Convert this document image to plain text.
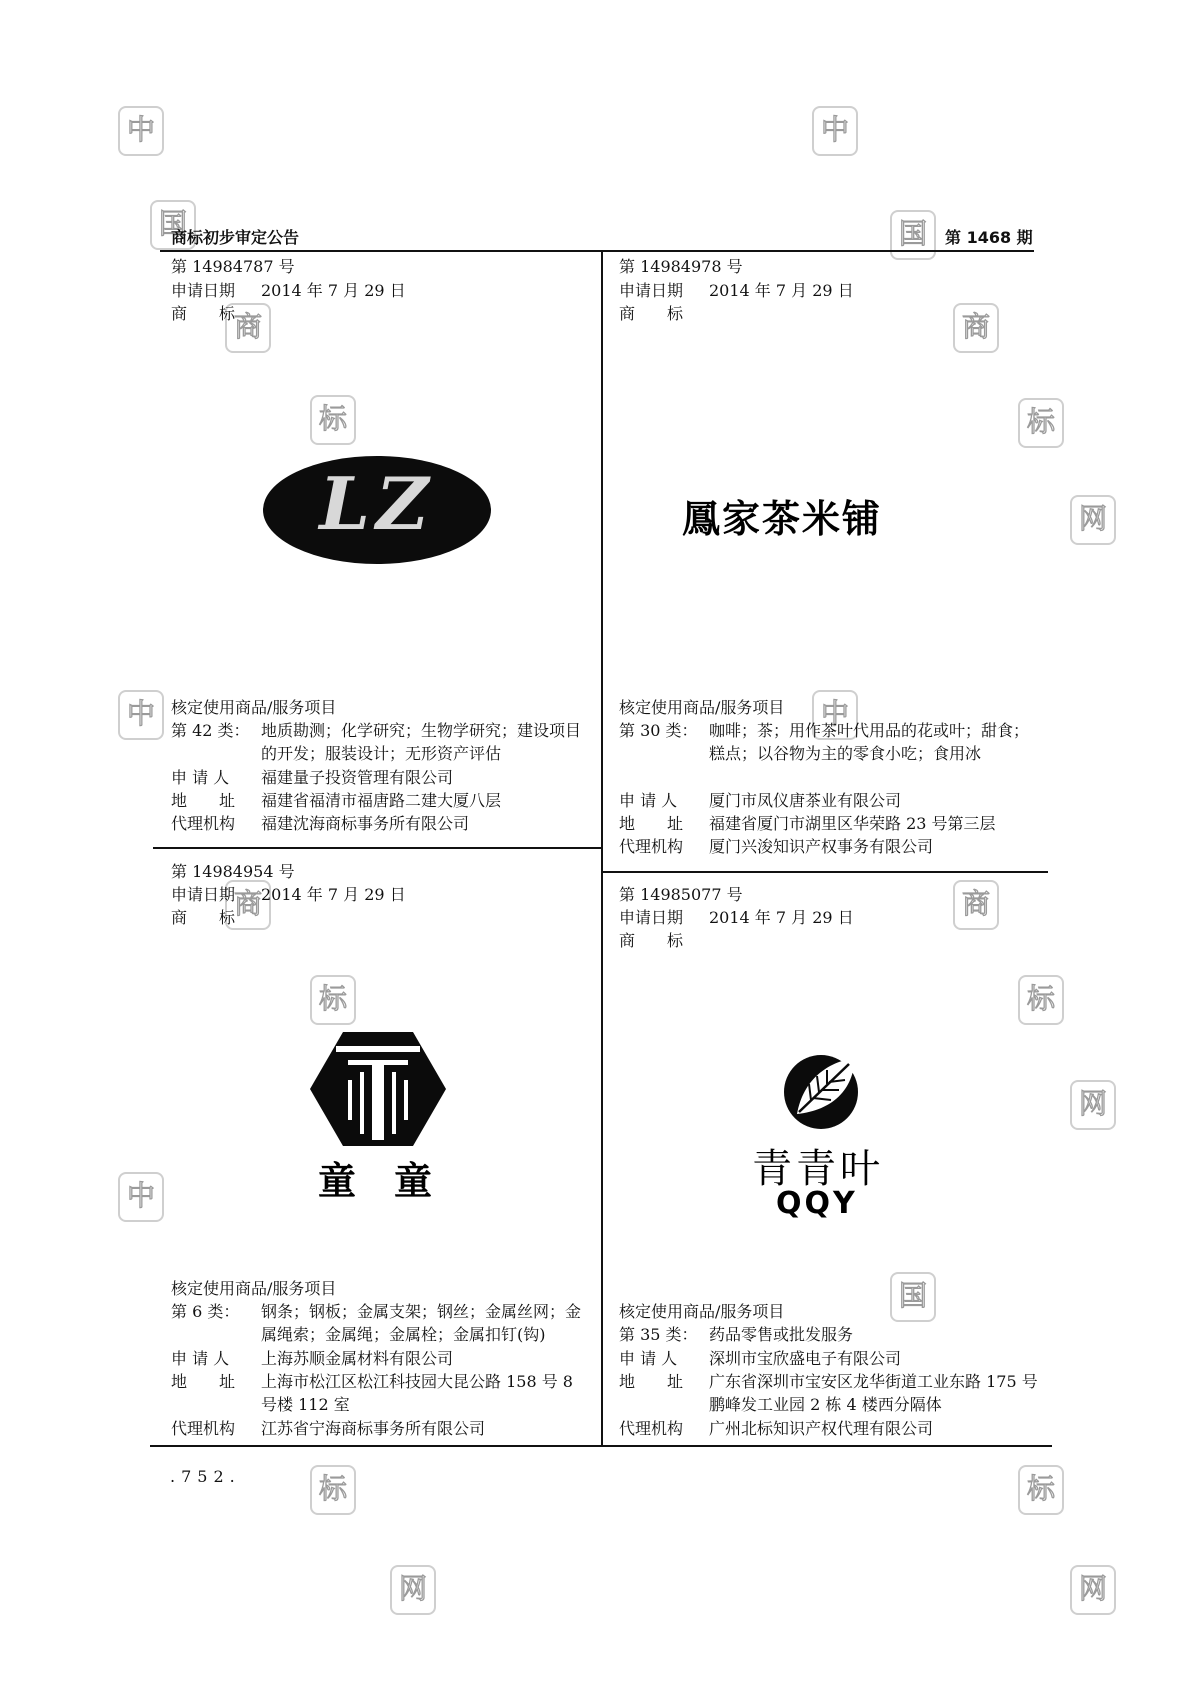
中	中
国	国
商	商
标	标
网
中	中
商	商
标	标
网
中
国
标	标
网	网
商标初步审定公告	第 1468 期
第 14984787 号
申请日期	2014 年 7 月 29 日
商　　标
LZ
核定使用商品/服务项目
第 42 类： 地质勘测；化学研究；生物学研究；建设项目的开发；服装设计；无形资产评估
申 请 人	福建量子投资管理有限公司
地　　址	福建省福清市福唐路二建大厦八层
代理机构	福建沈海商标事务所有限公司
第 14984978 号
申请日期	2014 年 7 月 29 日
商　　标
鳳家茶米铺
核定使用商品/服务项目
第 30 类： 咖啡；茶；用作茶叶代用品的花或叶；甜食；糕点；以谷物为主的零食小吃；食用冰
申 请 人	厦门市凤仪唐茶业有限公司
地　　址	福建省厦门市湖里区华荣路 23 号第三层
代理机构	厦门兴浚知识产权事务有限公司
第 14984954 号
申请日期	2014 年 7 月 29 日
商　　标
童　童
核定使用商品/服务项目
第 6 类：	钢条；钢板；金属支架；钢丝；金属丝网；金属绳索；金属绳；金属栓；金属扣钉(钩)
申 请 人	上海苏顺金属材料有限公司
地　　址	上海市松江区松江科技园大昆公路 158 号 8 号楼 112 室
代理机构	江苏省宁海商标事务所有限公司
第 14985077 号
申请日期	2014 年 7 月 29 日
商　　标
青青叶
QQY
核定使用商品/服务项目
第 35 类： 药品零售或批发服务
申 请 人	深圳市宝欣盛电子有限公司
地　　址	广东省深圳市宝安区龙华街道工业东路 175 号鹏峰发工业园 2 栋 4 楼西分隔体
代理机构	广州北标知识产权代理有限公司
.752.
